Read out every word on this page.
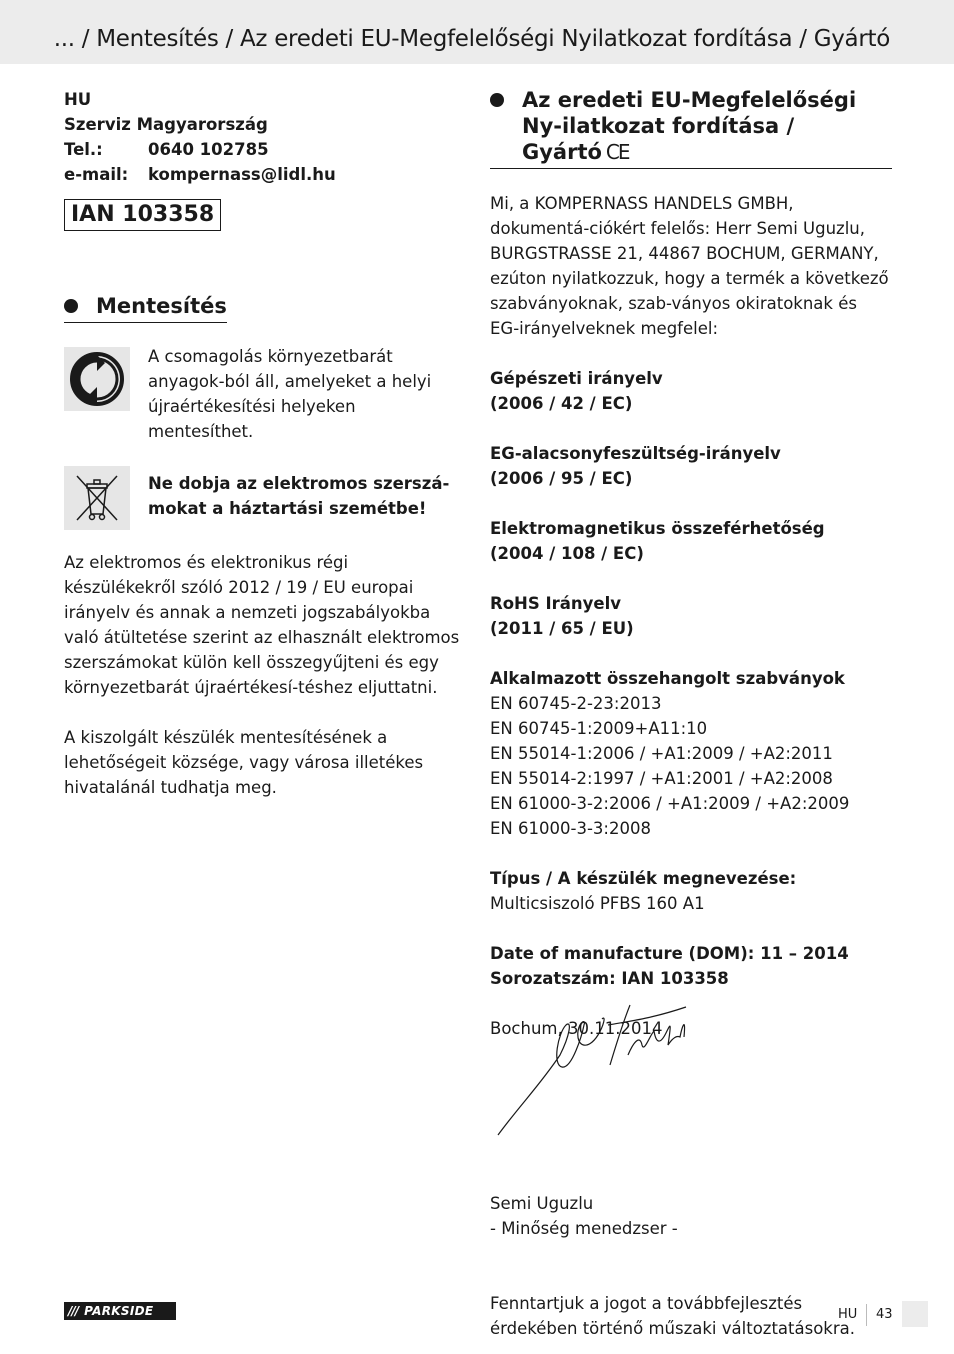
... / Mentesítés / Az eredeti EU-Megfelelőségi Nyilatkozat fordítása / Gyártó
HU
Szerviz Magyarország
Tel.:	0640 102785
e-mail:	kompernass@lidl.hu
IAN 103358
Mentesítés
A csomagolás környezetbarát anyagok-ból áll, amelyeket a helyi újraértékesítési helyeken mentesíthet.
Ne dobja az elektromos szerszá-mokat a háztartási szemétbe!

Az elektromos és elektronikus régi készülékekről szóló 2012 / 19 / EU europai irányelv és annak a nemzeti jogszabályokba való átültetése szerint az elhasznált elektromos szerszámokat külön kell összegyűjteni és egy környezetbarát újraértékesí-téshez eljuttatni.

A kiszolgált készülék mentesítésének a lehetőségeit községe, vagy városa illetékes hivatalánál tudhatja meg.

Az eredeti EU-Megfelelőségi Ny-ilatkozat fordítása / Gyártó CE

Mi, a KOMPERNASS HANDELS GMBH, dokumentá-ciókért felelős: Herr Semi Uguzlu, BURGSTRASSE 21, 44867 BOCHUM, GERMANY, ezúton nyilatkozzuk, hogy a termék a következő szabványoknak, szab-ványos okiratoknak és EG-irányelveknek megfelel:

Gépészeti irányelv
(2006 / 42 / EC)
EG-alacsonyfeszültség-irányelv
(2006 / 95 / EC)
Elektromagnetikus összeférhetőség
(2004 / 108 / EC)
RoHS Irányelv
(2011 / 65 / EU)
Alkalmazott összehangolt szabványok
EN 60745-2-23:2013
EN 60745-1:2009+A11:10
EN 55014-1:2006 / +A1:2009 / +A2:2011
EN 55014-2:1997 / +A1:2001 / +A2:2008
EN 61000-3-2:2006 / +A1:2009 / +A2:2009
EN 61000-3-3:2008
Típus / A készülék megnevezése:
Multicsiszoló PFBS 160 A1
Date of manufacture (DOM): 11 – 2014
Sorozatszám: IAN 103358
Bochum, 30.11.2014
Semi Uguzlu
- Minőség menedzser -

Fenntartjuk a jogot a továbbfejlesztés érdekében történő műszaki változtatásokra.

/// PARKSIDE	HU 43
